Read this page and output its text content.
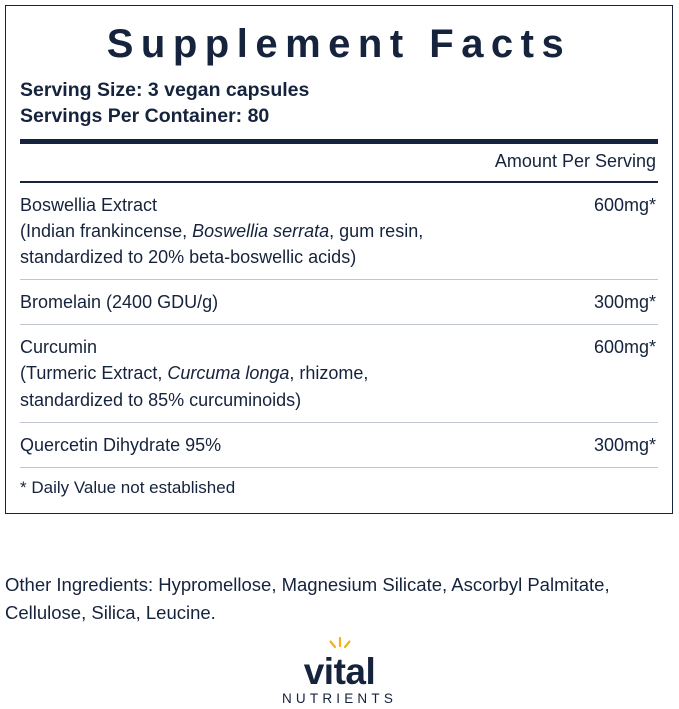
Supplement Facts
Serving Size: 3 vegan capsules
Servings Per Container: 80
Amount Per Serving
Boswellia Extract
(Indian frankincense, Boswellia serrata, gum resin,
standardized to 20% beta-boswellic acids)
600mg*
Bromelain (2400 GDU/g)	300mg*
Curcumin
(Turmeric Extract, Curcuma longa, rhizome,
standardized to 85% curcuminoids)
600mg*
Quercetin Dihydrate 95%	300mg*
* Daily Value not established
Other Ingredients: Hypromellose, Magnesium Silicate, Ascorbyl Palmitate,
Cellulose, Silica, Leucine.
vital
NUTRIENTS
